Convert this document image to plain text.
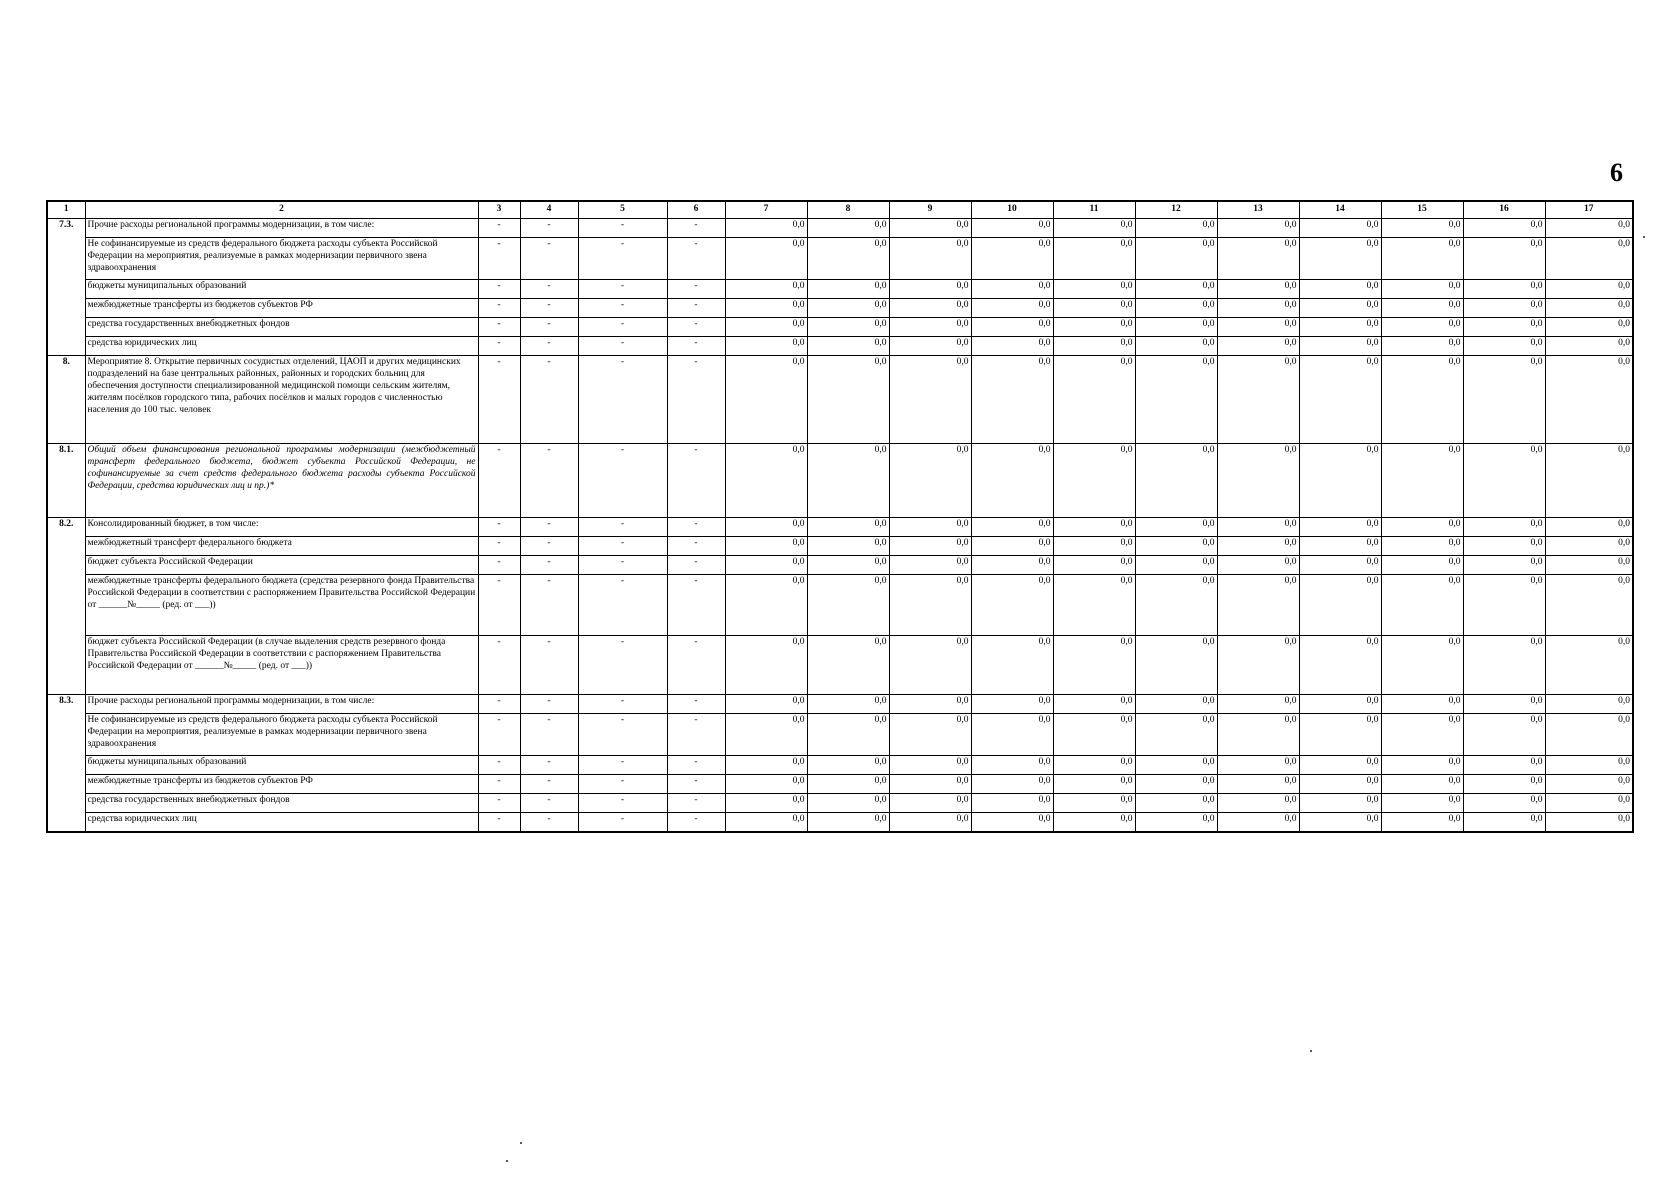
6
1	2	3	4	5	6	7	8	9	10	11	12	13	14	15	16	17
7.3.	Прочие расходы региональной программы модернизации, в том числе:	-	-	-	-	0,0	0,0	0,0	0,0	0,0	0,0	0,0	0,0	0,0	0,0	0,0
	Не софинансируемые из средств федерального бюджета расходы субъекта Российской Федерации на мероприятия, реализуемые в рамках модернизации первичного звена здравоохранения	-	-	-	-	0,0	0,0	0,0	0,0	0,0	0,0	0,0	0,0	0,0	0,0	0,0
	бюджеты муниципальных образований	-	-	-	-	0,0	0,0	0,0	0,0	0,0	0,0	0,0	0,0	0,0	0,0	0,0
	межбюджетные трансферты из бюджетов субъектов РФ	-	-	-	-	0,0	0,0	0,0	0,0	0,0	0,0	0,0	0,0	0,0	0,0	0,0
	средства государственных внебюджетных фондов	-	-	-	-	0,0	0,0	0,0	0,0	0,0	0,0	0,0	0,0	0,0	0,0	0,0
	средства юридических лиц	-	-	-	-	0,0	0,0	0,0	0,0	0,0	0,0	0,0	0,0	0,0	0,0	0,0
8.	Мероприятие 8. Открытие первичных сосудистых отделений, ЦАОП и других медицинских подразделений на базе центральных районных, районных и городских больниц для обеспечения доступности специализированной медицинской помощи сельским жителям, жителям посёлков городского типа, рабочих посёлков и малых городов с численностью населения до 100 тыс. человек	-	-	-	-	0,0	0,0	0,0	0,0	0,0	0,0	0,0	0,0	0,0	0,0	0,0
8.1.	Общий объем финансирования региональной программы модернизации (межбюджетный трансферт федерального бюджета, бюджет субъекта Российской Федерации, не софинансируемые за счет средств федерального бюджета расходы субъекта Российской Федерации, средства юридических лиц и пр.)*	-	-	-	-	0,0	0,0	0,0	0,0	0,0	0,0	0,0	0,0	0,0	0,0	0,0
8.2.	Консолидированный бюджет, в том числе:	-	-	-	-	0,0	0,0	0,0	0,0	0,0	0,0	0,0	0,0	0,0	0,0	0,0
	межбюджетный трансферт федерального бюджета	-	-	-	-	0,0	0,0	0,0	0,0	0,0	0,0	0,0	0,0	0,0	0,0	0,0
	бюджет субъекта Российской Федерации	-	-	-	-	0,0	0,0	0,0	0,0	0,0	0,0	0,0	0,0	0,0	0,0	0,0
	межбюджетные трансферты федерального бюджета (средства резервного фонда Правительства Российской Федерации в соответствии с распоряжением Правительства Российской Федерации от ______№_____ (ред. от ___))	-	-	-	-	0,0	0,0	0,0	0,0	0,0	0,0	0,0	0,0	0,0	0,0	0,0
	бюджет субъекта Российской Федерации (в случае выделения средств резервного фонда Правительства Российской Федерации в соответствии с распоряжением Правительства Российской Федерации от ______№_____ (ред. от ___))	-	-	-	-	0,0	0,0	0,0	0,0	0,0	0,0	0,0	0,0	0,0	0,0	0,0
8.3.	Прочие расходы региональной программы модернизации, в том числе:	-	-	-	-	0,0	0,0	0,0	0,0	0,0	0,0	0,0	0,0	0,0	0,0	0,0
	Не софинансируемые из средств федерального бюджета расходы субъекта Российской Федерации на мероприятия, реализуемые в рамках модернизации первичного звена здравоохранения	-	-	-	-	0,0	0,0	0,0	0,0	0,0	0,0	0,0	0,0	0,0	0,0	0,0
	бюджеты муниципальных образований	-	-	-	-	0,0	0,0	0,0	0,0	0,0	0,0	0,0	0,0	0,0	0,0	0,0
	межбюджетные трансферты из бюджетов субъектов РФ	-	-	-	-	0,0	0,0	0,0	0,0	0,0	0,0	0,0	0,0	0,0	0,0	0,0
	средства государственных внебюджетных фондов	-	-	-	-	0,0	0,0	0,0	0,0	0,0	0,0	0,0	0,0	0,0	0,0	0,0
	средства юридических лиц	-	-	-	-	0,0	0,0	0,0	0,0	0,0	0,0	0,0	0,0	0,0	0,0	0,0
